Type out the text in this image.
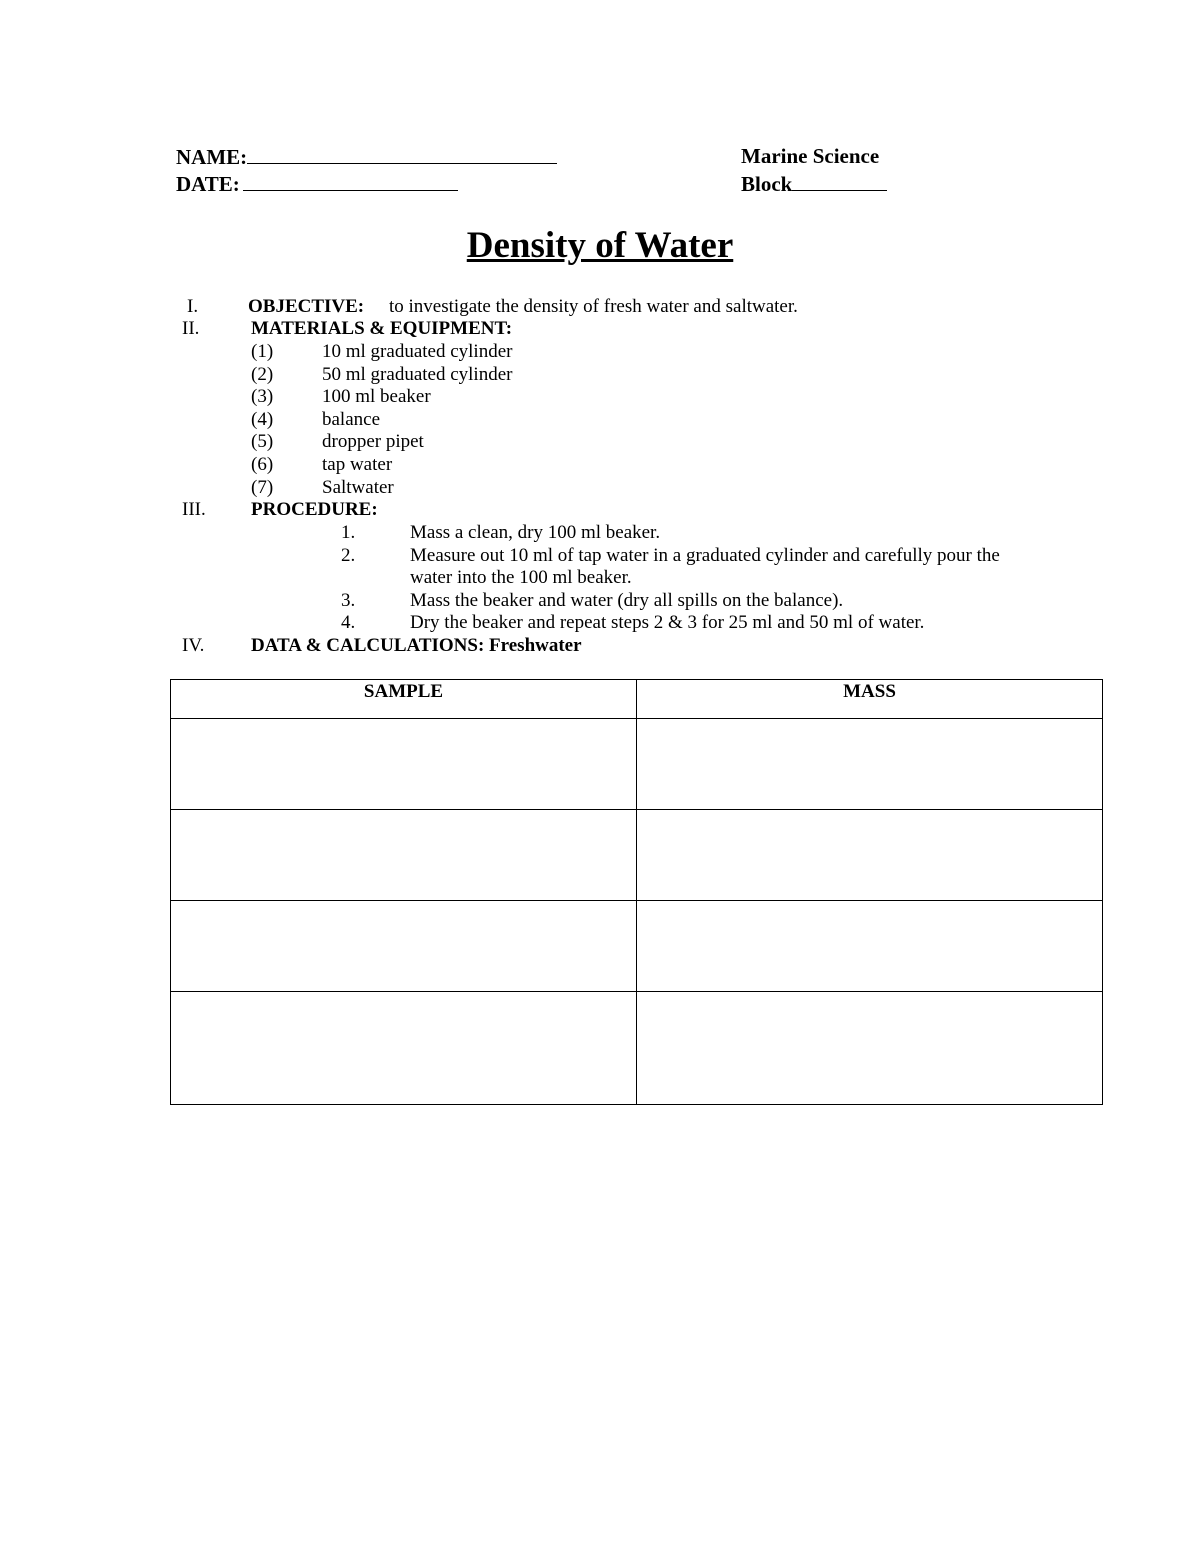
NAME:
DATE:
Marine Science
Block
Density of Water
I.	OBJECTIVE: to investigate the density of fresh water and saltwater.
II.	MATERIALS & EQUIPMENT:
(1)	10 ml graduated cylinder
(2)	50 ml graduated cylinder
(3)	100 ml beaker
(4)	balance
(5)	dropper pipet
(6)	tap water
(7)	Saltwater
III. PROCEDURE:
1.	Mass a clean, dry 100 ml beaker.
2.	Measure out 10 ml of tap water in a graduated cylinder and carefully pour the
water into the 100 ml beaker.
3.	Mass the beaker and water (dry all spills on the balance).
4.	Dry the beaker and repeat steps 2 & 3 for 25 ml and 50 ml of water.
IV. DATA & CALCULATIONS: Freshwater
SAMPLE	MASS
